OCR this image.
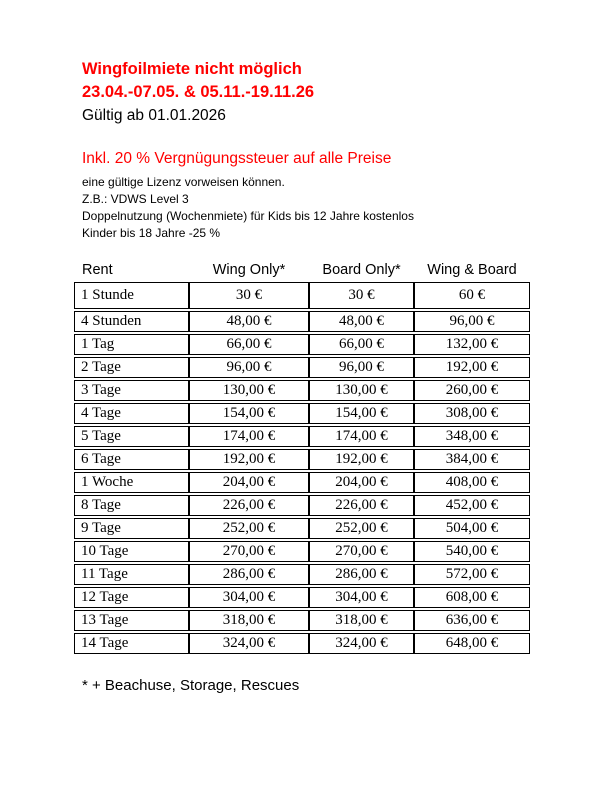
Wingfoilmiete nicht möglich
23.04.-07.05. & 05.11.-19.11.26
Gültig ab 01.01.2026
Inkl. 20 % Vergnügungssteuer auf alle Preise
eine gültige Lizenz vorweisen können.
Z.B.: VDWS Level 3
Doppelnutzung (Wochenmiete) für Kids bis 12 Jahre kostenlos
Kinder bis 18 Jahre -25 %
Rent	Wing Only*	Board Only*	Wing & Board
1 Stunde	30 €	30 €	60 €
4 Stunden	48,00 €	48,00 €	96,00 €
1 Tag	66,00 €	66,00 €	132,00 €
2 Tage	96,00 €	96,00 €	192,00 €
3 Tage	130,00 €	130,00 €	260,00 €
4 Tage	154,00 €	154,00 €	308,00 €
5 Tage	174,00 €	174,00 €	348,00 €
6 Tage	192,00 €	192,00 €	384,00 €
1 Woche	204,00 €	204,00 €	408,00 €
8 Tage	226,00 €	226,00 €	452,00 €
9 Tage	252,00 €	252,00 €	504,00 €
10 Tage	270,00 €	270,00 €	540,00 €
11 Tage	286,00 €	286,00 €	572,00 €
12 Tage	304,00 €	304,00 €	608,00 €
13 Tage	318,00 €	318,00 €	636,00 €
14 Tage	324,00 €	324,00 €	648,00 €
* + Beachuse, Storage, Rescues
